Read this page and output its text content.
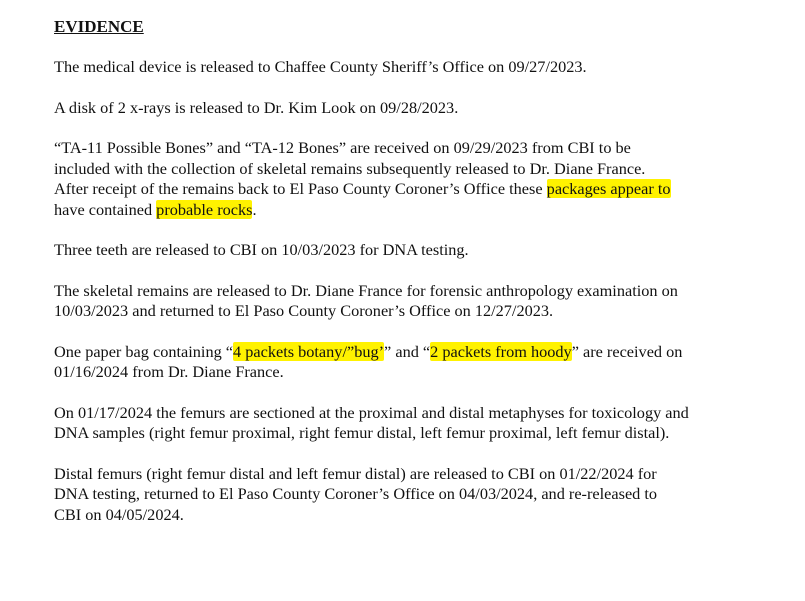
EVIDENCE
The medical device is released to Chaffee County Sheriff’s Office on 09/27/2023.
A disk of 2 x-rays is released to Dr. Kim Look on 09/28/2023.
“TA-11 Possible Bones” and “TA-12 Bones” are received on 09/29/2023 from CBI to be
included with the collection of skeletal remains subsequently released to Dr. Diane France.
After receipt of the remains back to El Paso County Coroner’s Office these packages appear to
have contained probable rocks.
Three teeth are released to CBI on 10/03/2023 for DNA testing.
The skeletal remains are released to Dr. Diane France for forensic anthropology examination on
10/03/2023 and returned to El Paso County Coroner’s Office on 12/27/2023.
One paper bag containing “4 packets botany/”bug’” and “2 packets from hoody” are received on
01/16/2024 from Dr. Diane France.
On 01/17/2024 the femurs are sectioned at the proximal and distal metaphyses for toxicology and
DNA samples (right femur proximal, right femur distal, left femur proximal, left femur distal).
Distal femurs (right femur distal and left femur distal) are released to CBI on 01/22/2024 for
DNA testing, returned to El Paso County Coroner’s Office on 04/03/2024, and re-released to
CBI on 04/05/2024.
